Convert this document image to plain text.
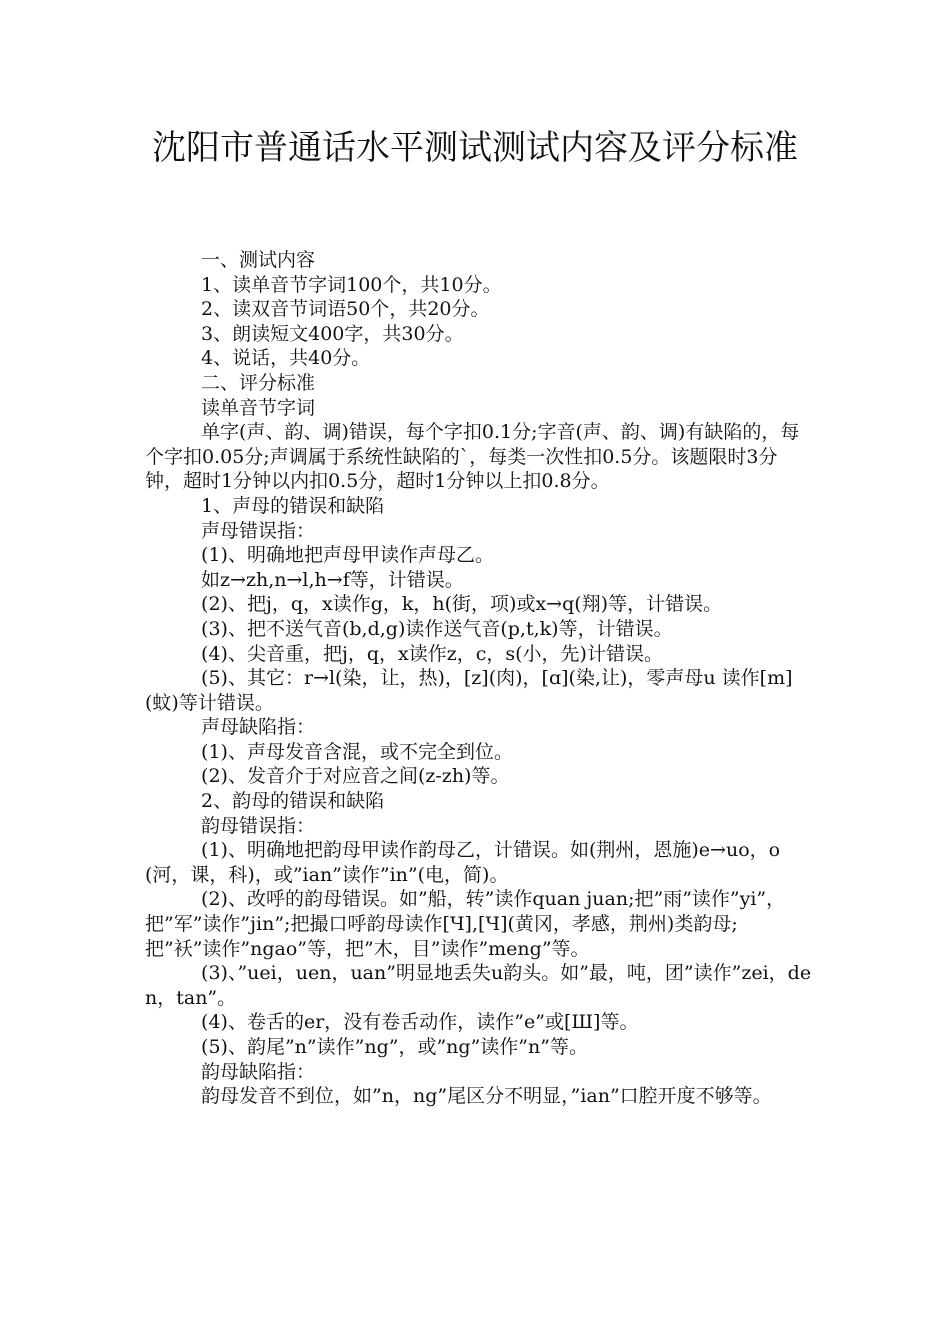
沈阳市普通话水平测试测试内容及评分标准

一、测试内容

1、读单音节字词100个，共10分。

2、读双音节词语50个，共20分。

3、朗读短文400字，共30分。

4、说话，共40分。

二、评分标准

读单音节字词

单字(声、韵、调)错误，每个字扣0.1分;字音(声、韵、调)有缺陷的，每个字扣0.05分;声调属于系统性缺陷的`，每类一次性扣0.5分。该题限时3分钟，超时1分钟以内扣0.5分，超时1分钟以上扣0.8分。

1、声母的错误和缺陷

声母错误指：

(1)、明确地把声母甲读作声母乙。

如z→zh,n→l,h→f等，计错误。

(2)、把j，q，x读作g，k，h(街，项)或x→q(翔)等，计错误。

(3)、把不送气音(b,d,g)读作送气音(p,t,k)等，计错误。

(4)、尖音重，把j，q，x读作z，c，s(小，先)计错误。

(5)、其它：r→l(染，让，热)，[z](肉)，[ɑ](染,让)，零声母u 读作[m](蚊)等计错误。

声母缺陷指：

(1)、声母发音含混，或不完全到位。

(2)、发音介于对应音之间(z-zh)等。

2、韵母的错误和缺陷

韵母错误指：

(1)、明确地把韵母甲读作韵母乙，计错误。如(荆州，恩施)e→uo，o(河，课，科)，或”ian”读作”in”(电，简)。

(2)、改呼的韵母错误。如”船，转”读作quan juan;把”雨”读作”yi”，把”军”读作”jin”;把撮口呼韵母读作[Ч],[Ч](黄冈，孝感，荆州)类韵母;把”袄”读作”ngao”等，把”木，目”读作”meng”等。

(3)、”uei，uen，uan”明显地丢失u韵头。如”最，吨，团”读作”zei，den，tan”。

(4)、卷舌的er，没有卷舌动作，读作”e”或[Ш]等。

(5)、韵尾”n”读作”ng”，或”ng”读作”n”等。

韵母缺陷指：

韵母发音不到位，如”n，ng”尾区分不明显，”ian”口腔开度不够等。
